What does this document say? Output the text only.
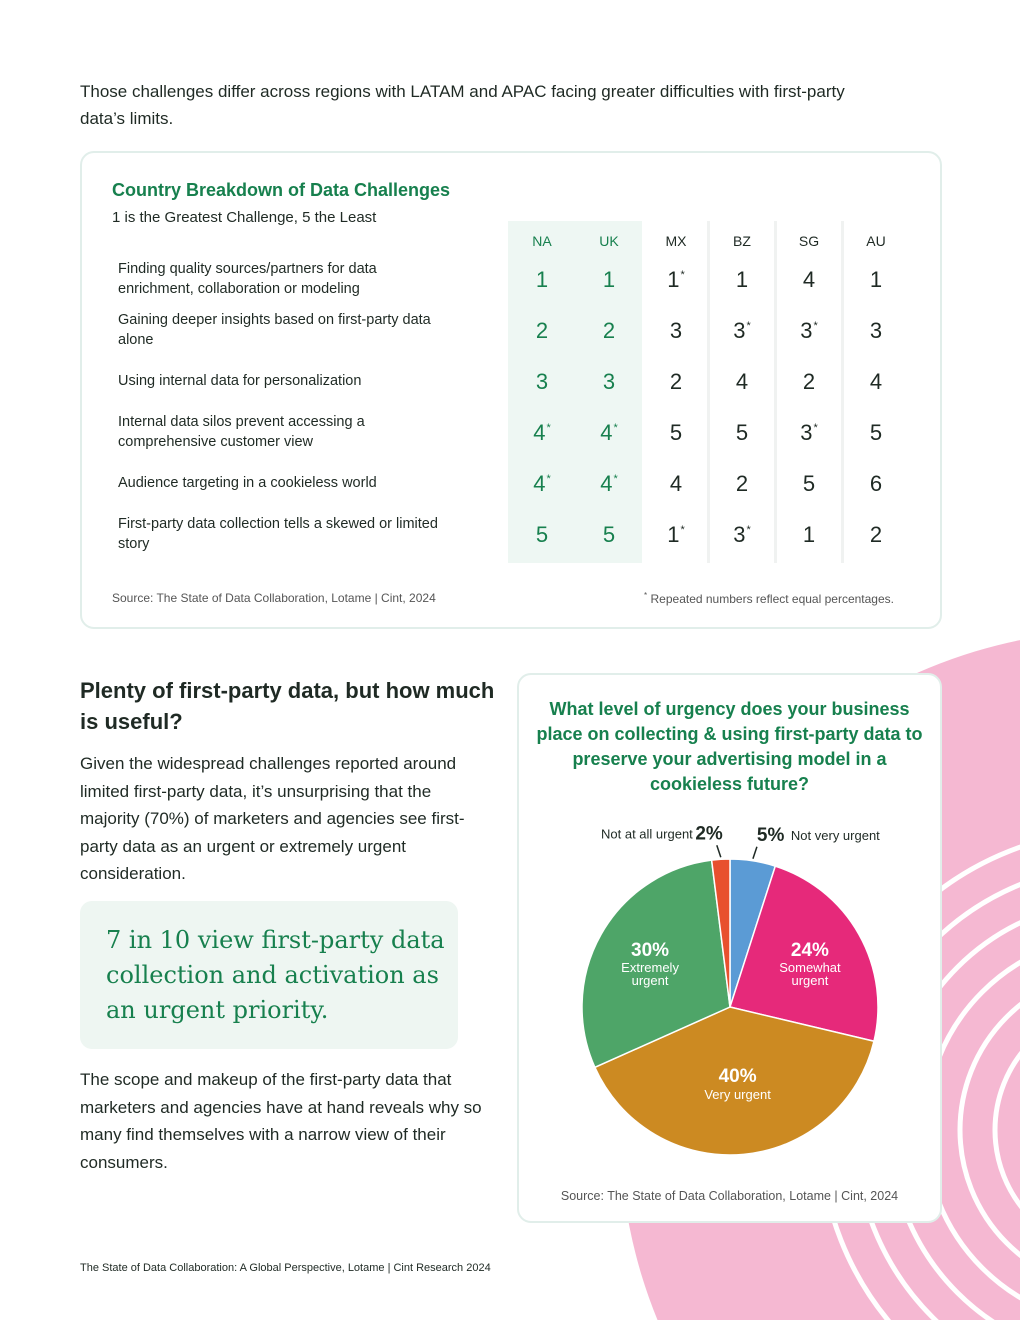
Those challenges differ across regions with LATAM and APAC facing greater difficulties with first-party data’s limits.
Country Breakdown of Data Challenges
1 is the Greatest Challenge, 5 the Least
Source: The State of Data Collaboration, Lotame | Cint, 2024	* Repeated numbers reflect equal percentages.
NA	UK	MX	BZ	SG	AU
Finding quality sources/partners for data enrichment, collaboration or modeling	1	1	1*	1	4	1
Gaining deeper insights based on first-party data alone	2	2	3	3*	3*	3
Using internal data for personalization	3	3	2	4	2	4
Internal data silos prevent accessing a comprehensive customer view	4*	4*	5	5	3*	5
Audience targeting in a cookieless world	4*	4*	4	2	5	6
First-party data collection tells a skewed or limited story	5	5	1*	3*	1	2
Plenty of first-party data, but how much is useful?
Given the widespread challenges reported around limited first-party data, it’s unsurprising that the majority (70%) of marketers and agencies see first-party data as an urgent or extremely urgent consideration.
7 in 10 view first-party data collection and activation as an urgent priority.
The scope and makeup of the first-party data that marketers and agencies have at hand reveals why so many find themselves with a narrow view of their consumers.
24%
Somewhat
urgent
40%
Very urgent
30%
Extremely
urgent
5% Not very urgent
2%
Not at all urgent
What level of urgency does your business place on collecting & using first-party data to preserve your advertising model in a cookieless future?
Source: The State of Data Collaboration, Lotame | Cint, 2024
The State of Data Collaboration: A Global Perspective, Lotame | Cint Research 2024
